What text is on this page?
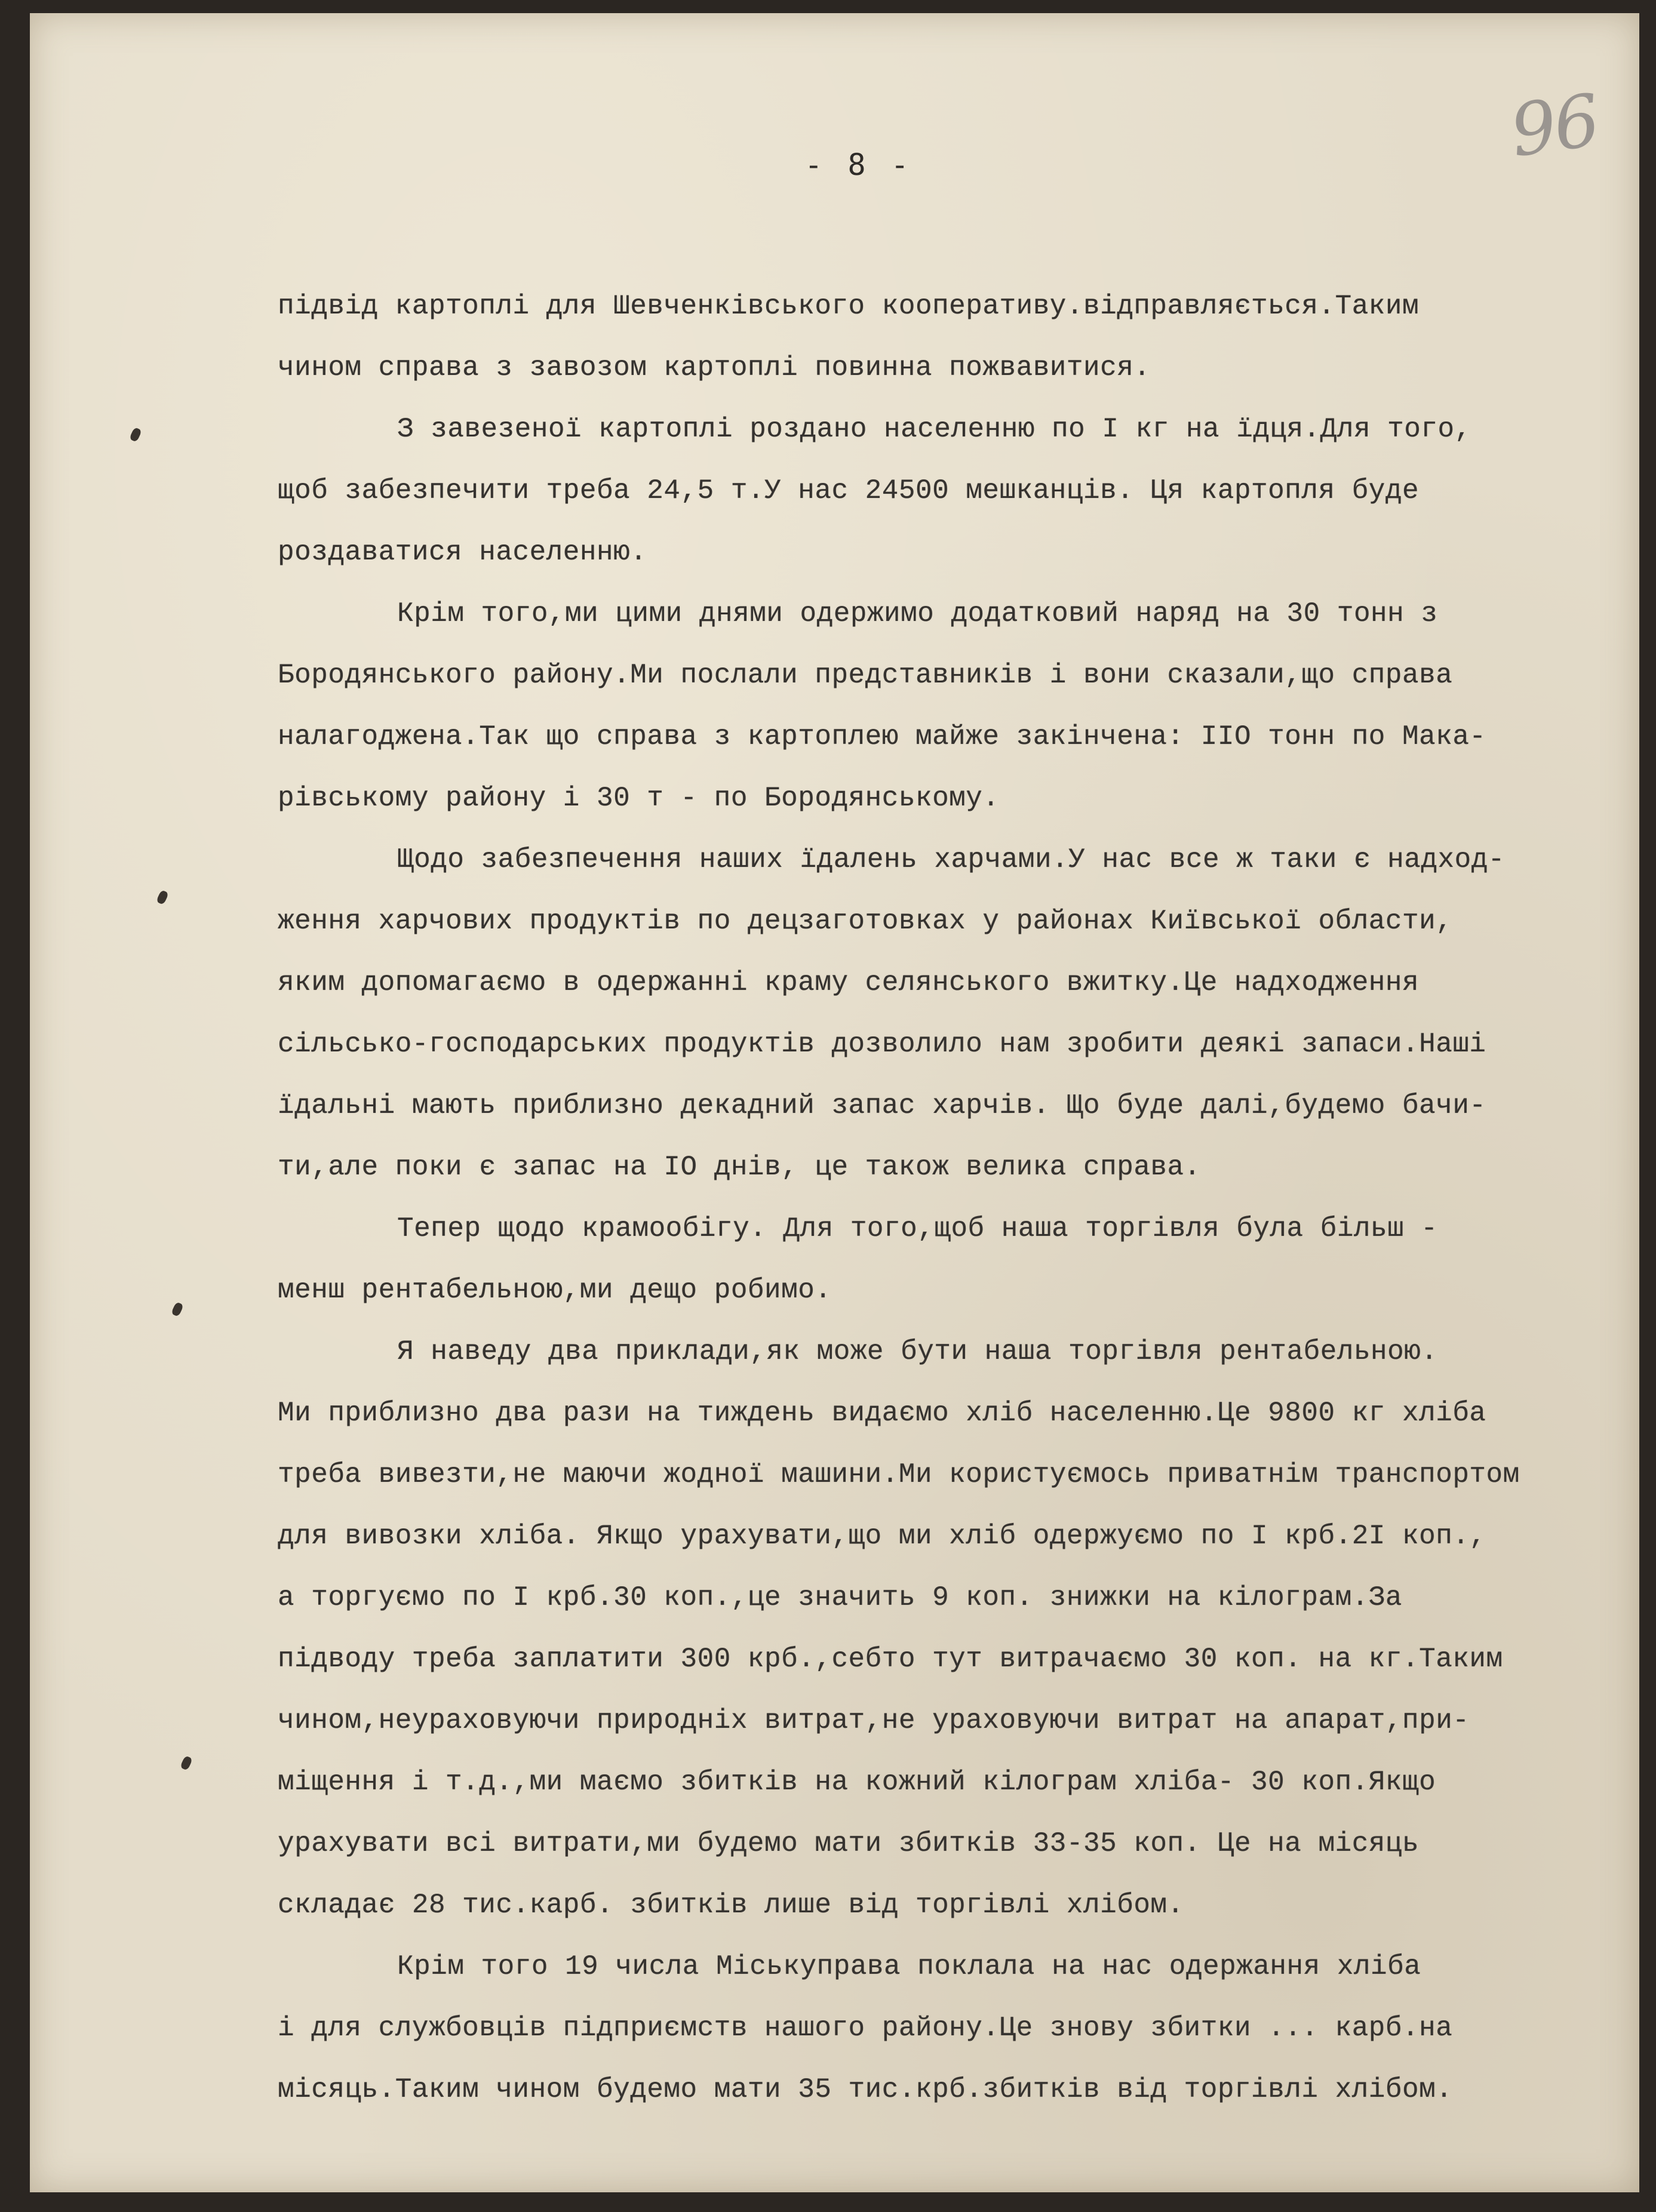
96
- 8 -
підвід картоплі для Шевченківського кооперативу.відправляється.Таким
чином справа з завозом картоплі повинна пожвавитися.
З завезеної картоплі роздано населенню по I кг на їдця.Для того,
щоб забезпечити треба 24,5 т.У нас 24500 мешканців. Ця картопля буде
роздаватися населенню.
Крім того,ми цими днями одержимо додатковий наряд на 30 тонн з
Бородянського району.Ми послали представників і вони сказали,що справа
налагоджена.Так що справа з картоплею майже закінчена: IIO тонн по Мака-
рівському району і 30 т - по Бородянському.
Щодо забезпечення наших їдалень харчами.У нас все ж таки є надход-
ження харчових продуктів по децзаготовках у районах Київської области,
яким допомагаємо в одержанні краму селянського вжитку.Це надходження
сільсько-господарських продуктів дозволило нам зробити деякі запаси.Наші
їдальні мають приблизно декадний запас харчів. Що буде далі,будемо бачи-
ти,але поки є запас на IO днів, це також велика справа.
Тепер щодо крамообігу. Для того,щоб наша торгівля була більш -
менш рентабельною,ми дещо робимо.
Я наведу два приклади,як може бути наша торгівля рентабельною.
Ми приблизно два рази на тиждень видаємо хліб населенню.Це 9800 кг хліба
треба вивезти,не маючи жодної машини.Ми користуємось приватнім транспортом
для вивозки хліба. Якщо урахувати,що ми хліб одержуємо по I крб.2I коп.,
а торгуємо по I крб.30 коп.,це значить 9 коп. знижки на кілограм.За
підводу треба заплатити 300 крб.,себто тут витрачаємо 30 коп. на кг.Таким
чином,неураховуючи природніх витрат,не ураховуючи витрат на апарат,при-
міщення і т.д.,ми маємо збитків на кожний кілограм хліба- 30 коп.Якщо
урахувати всі витрати,ми будемо мати збитків 33-35 коп. Це на місяць
складає 28 тис.карб. збитків лише від торгівлі хлібом.
Крім того 19 числа Міськуправа поклала на нас одержання хліба
і для службовців підприємств нашого району.Це знову збитки ... карб.на
місяць.Таким чином будемо мати 35 тис.крб.збитків від торгівлі хлібом.
